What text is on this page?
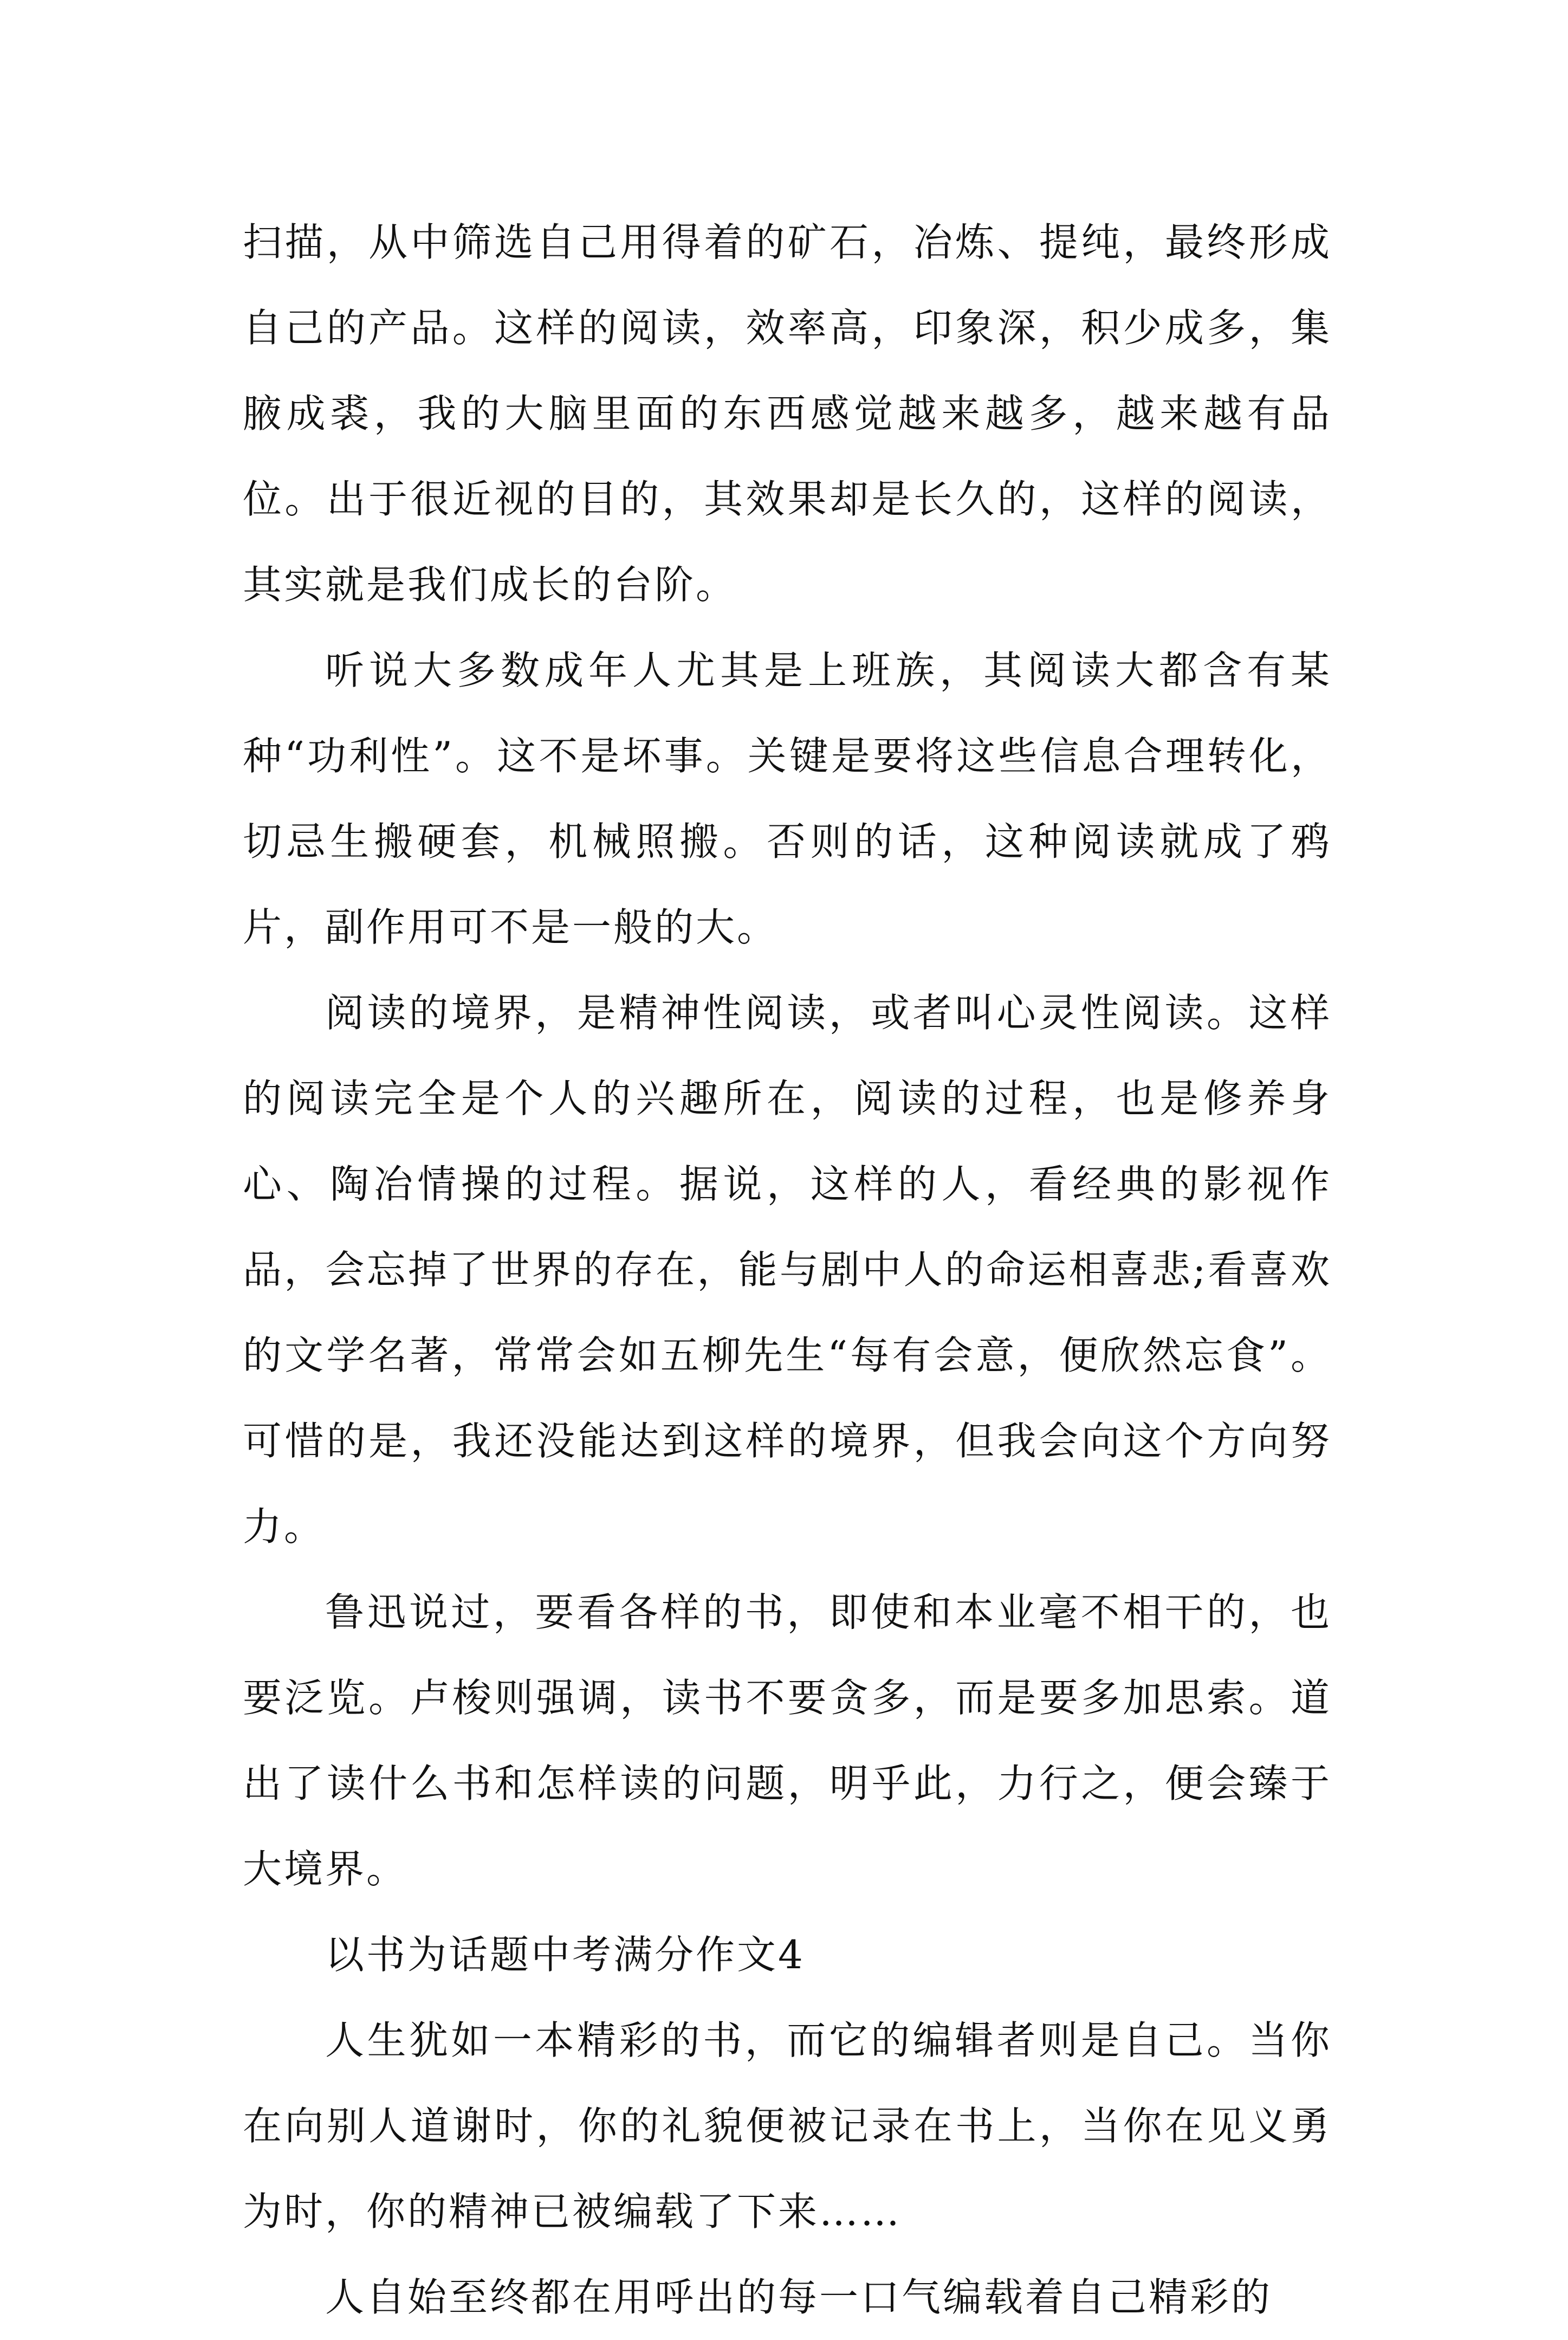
扫描，从中筛选自己用得着的矿石，冶炼、提纯，最终形成自己的产品。这样的阅读，效率高，印象深，积少成多，集腋成裘，我的大脑里面的东西感觉越来越多，越来越有品位。出于很近视的目的，其效果却是长久的，这样的阅读，其实就是我们成长的台阶。

听说大多数成年人尤其是上班族，其阅读大都含有某种“功利性”。这不是坏事。关键是要将这些信息合理转化，切忌生搬硬套，机械照搬。否则的话，这种阅读就成了鸦片，副作用可不是一般的大。

阅读的境界，是精神性阅读，或者叫心灵性阅读。这样的阅读完全是个人的兴趣所在，阅读的过程，也是修养身心、陶冶情操的过程。据说，这样的人，看经典的影视作品，会忘掉了世界的存在，能与剧中人的命运相喜悲;看喜欢的文学名著，常常会如五柳先生“每有会意，便欣然忘食”。可惜的是，我还没能达到这样的境界，但我会向这个方向努力。

鲁迅说过，要看各样的书，即使和本业毫不相干的，也要泛览。卢梭则强调，读书不要贪多，而是要多加思索。道出了读什么书和怎样读的问题，明乎此，力行之，便会臻于大境界。

以书为话题中考满分作文4

人生犹如一本精彩的书，而它的编辑者则是自己。当你在向别人道谢时，你的礼貌便被记录在书上，当你在见义勇为时，你的精神已被编载了下来……

人自始至终都在用呼出的每一口气编载着自己精彩的
